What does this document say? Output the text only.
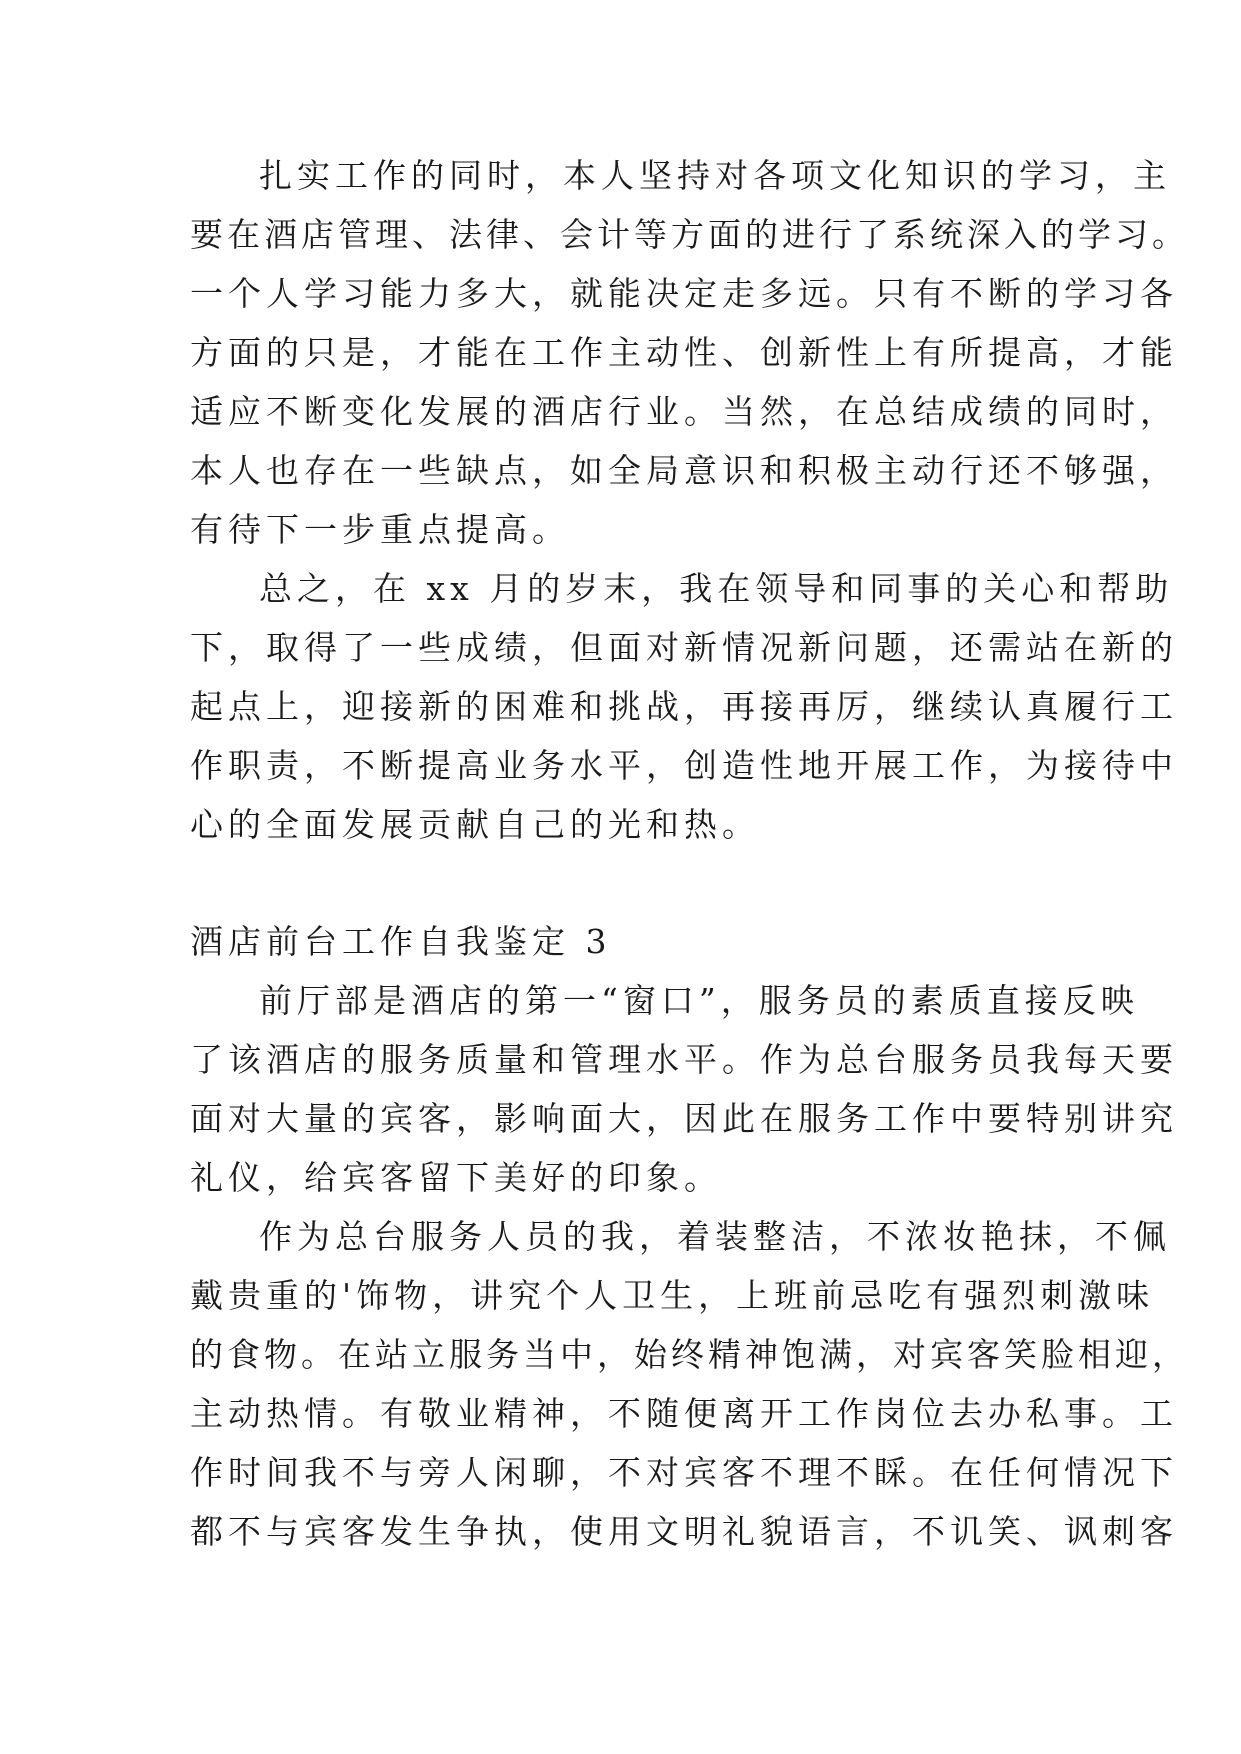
扎实工作的同时，本人坚持对各项文化知识的学习，主
要在酒店管理、法律、会计等方面的进行了系统深入的学习。
一个人学习能力多大，就能决定走多远。只有不断的学习各
方面的只是，才能在工作主动性、创新性上有所提高，才能
适应不断变化发展的酒店行业。当然，在总结成绩的同时，
本人也存在一些缺点，如全局意识和积极主动行还不够强，
有待下一步重点提高。
总之，在 xx 月的岁末，我在领导和同事的关心和帮助
下，取得了一些成绩，但面对新情况新问题，还需站在新的
起点上，迎接新的困难和挑战，再接再厉，继续认真履行工
作职责，不断提高业务水平，创造性地开展工作，为接待中
心的全面发展贡献自己的光和热。
酒店前台工作自我鉴定 3
前厅部是酒店的第一“窗口”，服务员的素质直接反映
了该酒店的服务质量和管理水平。作为总台服务员我每天要
面对大量的宾客，影响面大，因此在服务工作中要特别讲究
礼仪，给宾客留下美好的印象。
作为总台服务人员的我，着装整洁，不浓妆艳抹，不佩
戴贵重的'饰物，讲究个人卫生，上班前忌吃有强烈刺激味
的食物。在站立服务当中，始终精神饱满，对宾客笑脸相迎，
主动热情。有敬业精神，不随便离开工作岗位去办私事。工
作时间我不与旁人闲聊，不对宾客不理不睬。在任何情况下
都不与宾客发生争执，使用文明礼貌语言，不讥笑、讽刺客
